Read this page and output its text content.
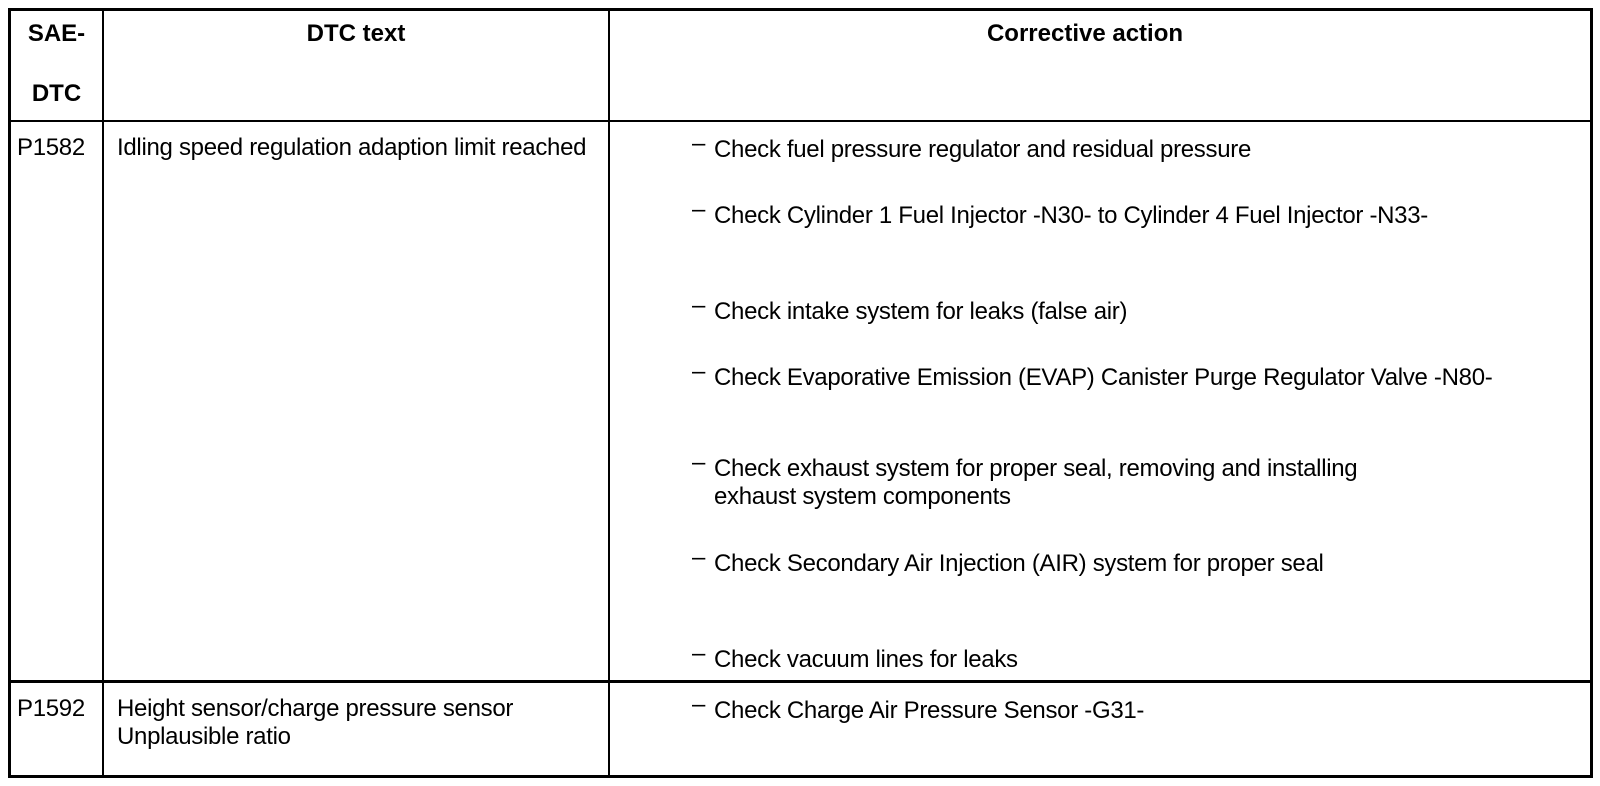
SAE-
DTC
DTC text	Corrective action
P1582 Idling speed regulation adaption limit reached	– Check fuel pressure regulator and residual pressure
– Check Cylinder 1 Fuel Injector -N30- to Cylinder 4 Fuel Injector -N33-
– Check intake system for leaks (false air)
– Check Evaporative Emission (EVAP) Canister Purge Regulator Valve -N80-
– Check exhaust system for proper seal, removing and installing exhaust system components
– Check Secondary Air Injection (AIR) system for proper seal
– Check vacuum lines for leaks
P1592 Height sensor/charge pressure sensor Unplausible ratio
– Check Charge Air Pressure Sensor -G31-
